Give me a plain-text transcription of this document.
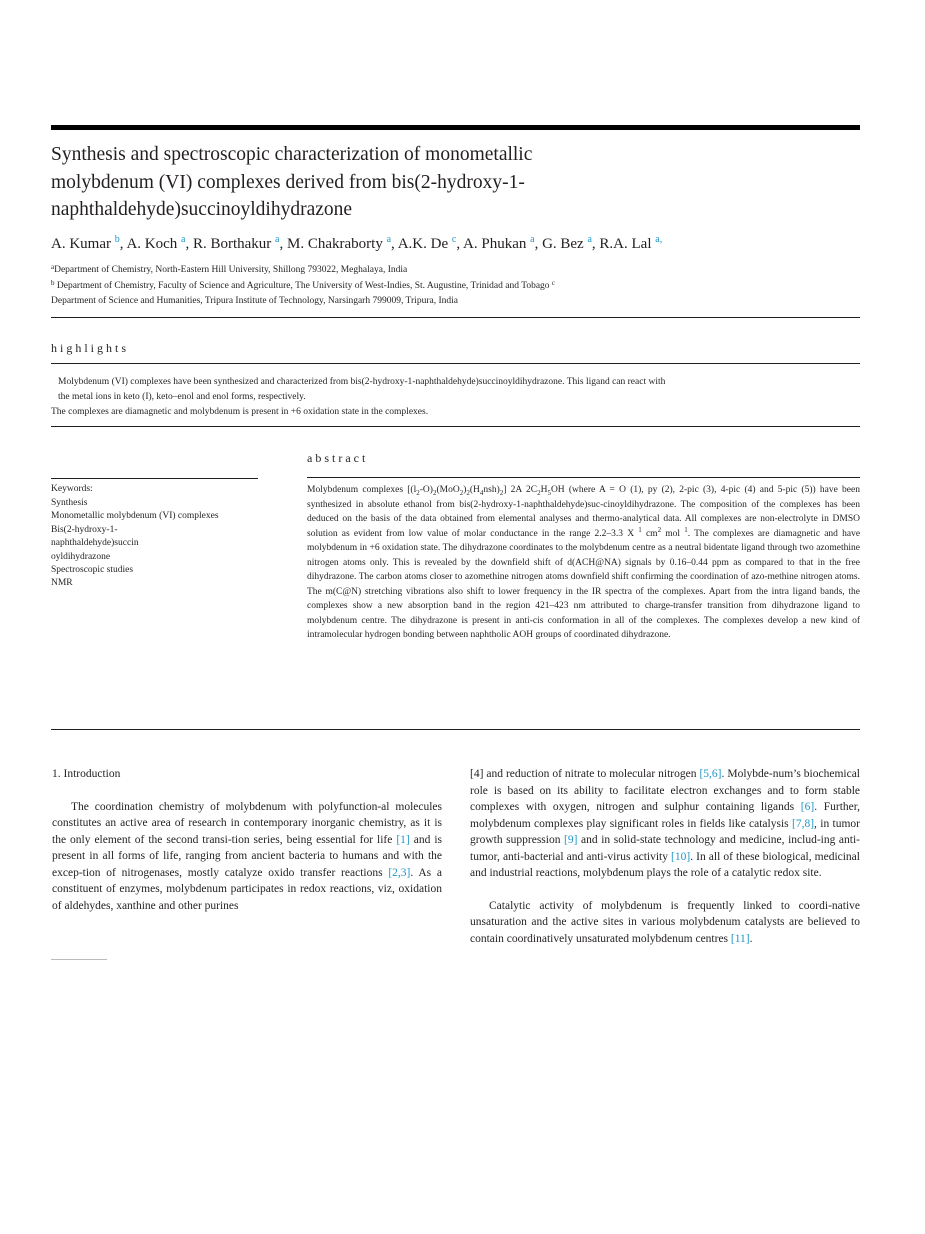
Synthesis and spectroscopic characterization of monometallic molybdenum (VI) complexes derived from bis(2-hydroxy-1-naphthaldehyde)succinoyldihydrazone
A. Kumar $^b$, A. Koch $^a$, R. Borthakur $^a$, M. Chakraborty $^a$, A.K. De $^c$, A. Phukan $^a$, G. Bez $^a$, R.A. Lal $^{a,}$
$^a$Department of Chemistry, North-Eastern Hill University, Shillong 793022, Meghalaya, India
$^b$ Department of Chemistry, Faculty of Science and Agriculture, The University of West-Indies, St. Augustine, Trinidad and Tobago $^c$
Department of Science and Humanities, Tripura Institute of Technology, Narsingarh 799009, Tripura, India
highlights
Molybdenum (VI) complexes have been synthesized and characterized from bis(2-hydroxy-1-naphthaldehyde)succinoyldihydrazone. This ligand can react with
the metal ions in keto (I), keto–enol and enol forms, respectively.
The complexes are diamagnetic and molybdenum is present in +6 oxidation state in the complexes.
abstract
Keywords:
Synthesis
Monometallic molybdenum (VI) complexes
Bis(2-hydroxy-1-naphthaldehyde)succinoyldihydrazone
Spectroscopic studies
NMR

Molybdenum complexes $[(l_2-O)_2(MoO_2)_2(H_4nsh)_2]$ 2A $2C_2H_5OH$ (where A = O (1), py (2), 2-pic (3), 4-pic (4) and 5-pic (5)) have been synthesized in absolute ethanol from bis(2-hydroxy-1-naphthaldehyde)suc-cinoyldihydrazone. The composition of the complexes has been deduced on the basis of the data obtained from elemental analyses and thermo-analytical data. All complexes are non-electrolyte in DMSO solution as evident from low value of molar conductance in the range 2.2–3.3 X $^1$ $cm^2$ mol $^1$. The complexes are diamagnetic and have molybdenum in +6 oxidation state. The dihydrazone coordinates to the molybdenum centre as a neutral bidentate ligand through two azomethine nitrogen atoms only. This is revealed by the downfield shift of d(ACH@NA) signals by 0.16–0.44 ppm as compared to that in the free dihydrazone. The carbon atoms closer to azomethine nitrogen atoms downfield shift confirming the coordination of azo-methine nitrogen atoms. The m(C@N) stretching vibrations also shift to lower frequency in the IR spectra of the complexes. Apart from the intra ligand bands, the complexes show a new absorption band in the region 421–423 nm attributed to charge-transfer transition from dihydrazone ligand to molybdenum centre. The dihydrazone is present in anti-cis conformation in all of the complexes. The complexes develop a new kind of intramolecular hydrogen bonding between naphtholic AOH groups of coordinated dihydrazone.

1. Introduction

The coordination chemistry of molybdenum with polyfunction-al molecules constitutes an active area of research in contemporary inorganic chemistry, as it is the only element of the second transi-tion series, being essential for life [1] and is present in all forms of life, ranging from ancient bacteria to humans and with the excep-tion of nitrogenases, mostly catalyze oxido transfer reactions [2,3]. As a constituent of enzymes, molybdenum participates in redox reactions, viz, oxidation of aldehydes, xanthine and other purines

[4] and reduction of nitrate to molecular nitrogen [5,6]. Molybde-num’s biochemical role is based on its ability to facilitate electron exchanges and to form stable complexes with oxygen, nitrogen and sulphur containing ligands [6]. Further, molybdenum complexes play significant roles in fields like catalysis [7,8], in tumor growth suppression [9] and in solid-state technology and medicine, includ-ing anti-tumor, anti-bacterial and anti-virus activity [10]. In all of these biological, medicinal and industrial reactions, molybdenum plays the role of a catalytic redox site.

Catalytic activity of molybdenum is frequently linked to coordi-native unsaturation and the active sites in various molybdenum catalysts are believed to contain coordinatively unsaturated molybdenum centres [11].
